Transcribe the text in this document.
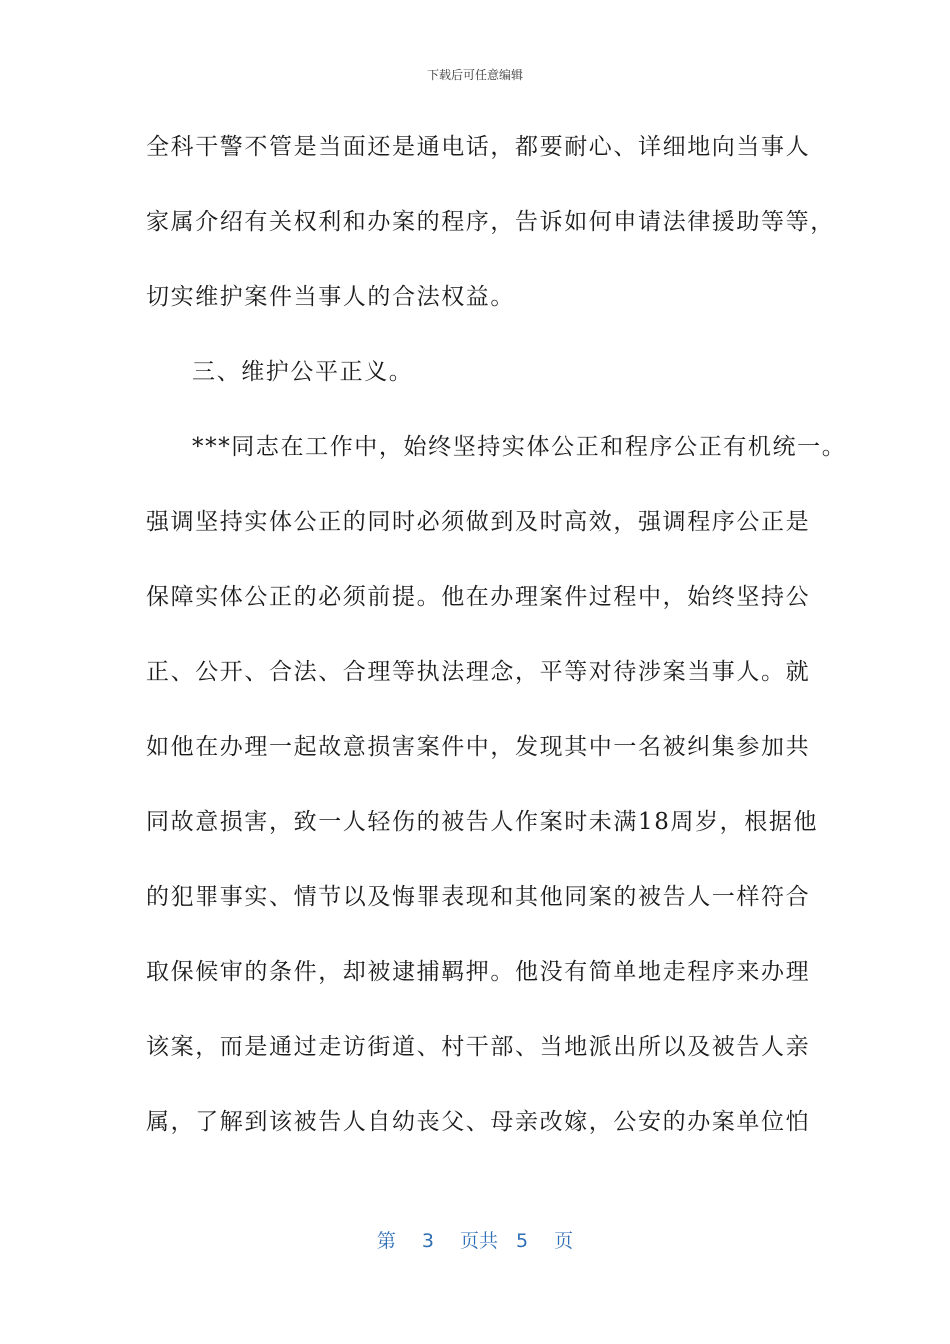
下载后可任意编辑
全科干警不管是当面还是通电话，都要耐心、详细地向当事人
家属介绍有关权利和办案的程序，告诉如何申请法律援助等等，
切实维护案件当事人的合法权益。
三、维护公平正义。
***同志在工作中，始终坚持实体公正和程序公正有机统一。
强调坚持实体公正的同时必须做到及时高效，强调程序公正是
保障实体公正的必须前提。他在办理案件过程中，始终坚持公
正、公开、合法、合理等执法理念，平等对待涉案当事人。就
如他在办理一起故意损害案件中，发现其中一名被纠集参加共
同故意损害，致一人轻伤的被告人作案时未满18周岁，根据他
的犯罪事实、情节以及悔罪表现和其他同案的被告人一样符合
取保候审的条件，却被逮捕羁押。他没有简单地走程序来办理
该案，而是通过走访街道、村干部、当地派出所以及被告人亲
属，了解到该被告人自幼丧父、母亲改嫁，公安的办案单位怕
第 3 页共 5 页
